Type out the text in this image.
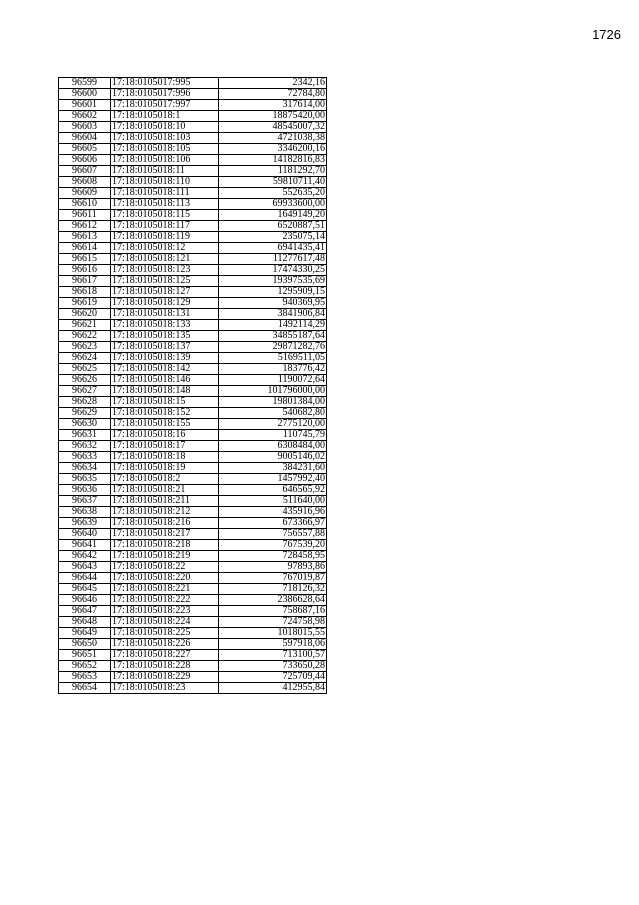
1726
96599	17:18:0105017:995	2342,16
96600	17:18:0105017:996	72784,80
96601	17:18:0105017:997	317614,00
96602	17:18:0105018:1	18875420,00
96603	17:18:0105018:10	48545007,32
96604	17:18:0105018:103	4721038,38
96605	17:18:0105018:105	3346200,16
96606	17:18:0105018:106	14182816,83
96607	17:18:0105018:11	1181292,70
96608	17:18:0105018:110	59810711,40
96609	17:18:0105018:111	552635,20
96610	17:18:0105018:113	69933600,00
96611	17:18:0105018:115	1649149,20
96612	17:18:0105018:117	6520887,51
96613	17:18:0105018:119	235075,14
96614	17:18:0105018:12	6941435,41
96615	17:18:0105018:121	11277617,48
96616	17:18:0105018:123	17474330,25
96617	17:18:0105018:125	19397535,69
96618	17:18:0105018:127	1295909,15
96619	17:18:0105018:129	940369,95
96620	17:18:0105018:131	3841906,84
96621	17:18:0105018:133	1492114,29
96622	17:18:0105018:135	34855187,64
96623	17:18:0105018:137	29871282,76
96624	17:18:0105018:139	5169511,05
96625	17:18:0105018:142	183776,42
96626	17:18:0105018:146	1190072,64
96627	17:18:0105018:148	101796000,00
96628	17:18:0105018:15	19801384,00
96629	17:18:0105018:152	540682,80
96630	17:18:0105018:155	2775120,00
96631	17:18:0105018:16	110745,79
96632	17:18:0105018:17	6308484,00
96633	17:18:0105018:18	9005146,02
96634	17:18:0105018:19	384231,60
96635	17:18:0105018:2	1457992,40
96636	17:18:0105018:21	646565,92
96637	17:18:0105018:211	511640,00
96638	17:18:0105018:212	435916,96
96639	17:18:0105018:216	673366,97
96640	17:18:0105018:217	756557,88
96641	17:18:0105018:218	767539,20
96642	17:18:0105018:219	728458,95
96643	17:18:0105018:22	97893,86
96644	17:18:0105018:220	767019,87
96645	17:18:0105018:221	718126,32
96646	17:18:0105018:222	2386628,64
96647	17:18:0105018:223	758687,16
96648	17:18:0105018:224	724758,98
96649	17:18:0105018:225	1018015,55
96650	17:18:0105018:226	597918,06
96651	17:18:0105018:227	713100,57
96652	17:18:0105018:228	733650,28
96653	17:18:0105018:229	725709,44
96654	17:18:0105018:23	412955,84
